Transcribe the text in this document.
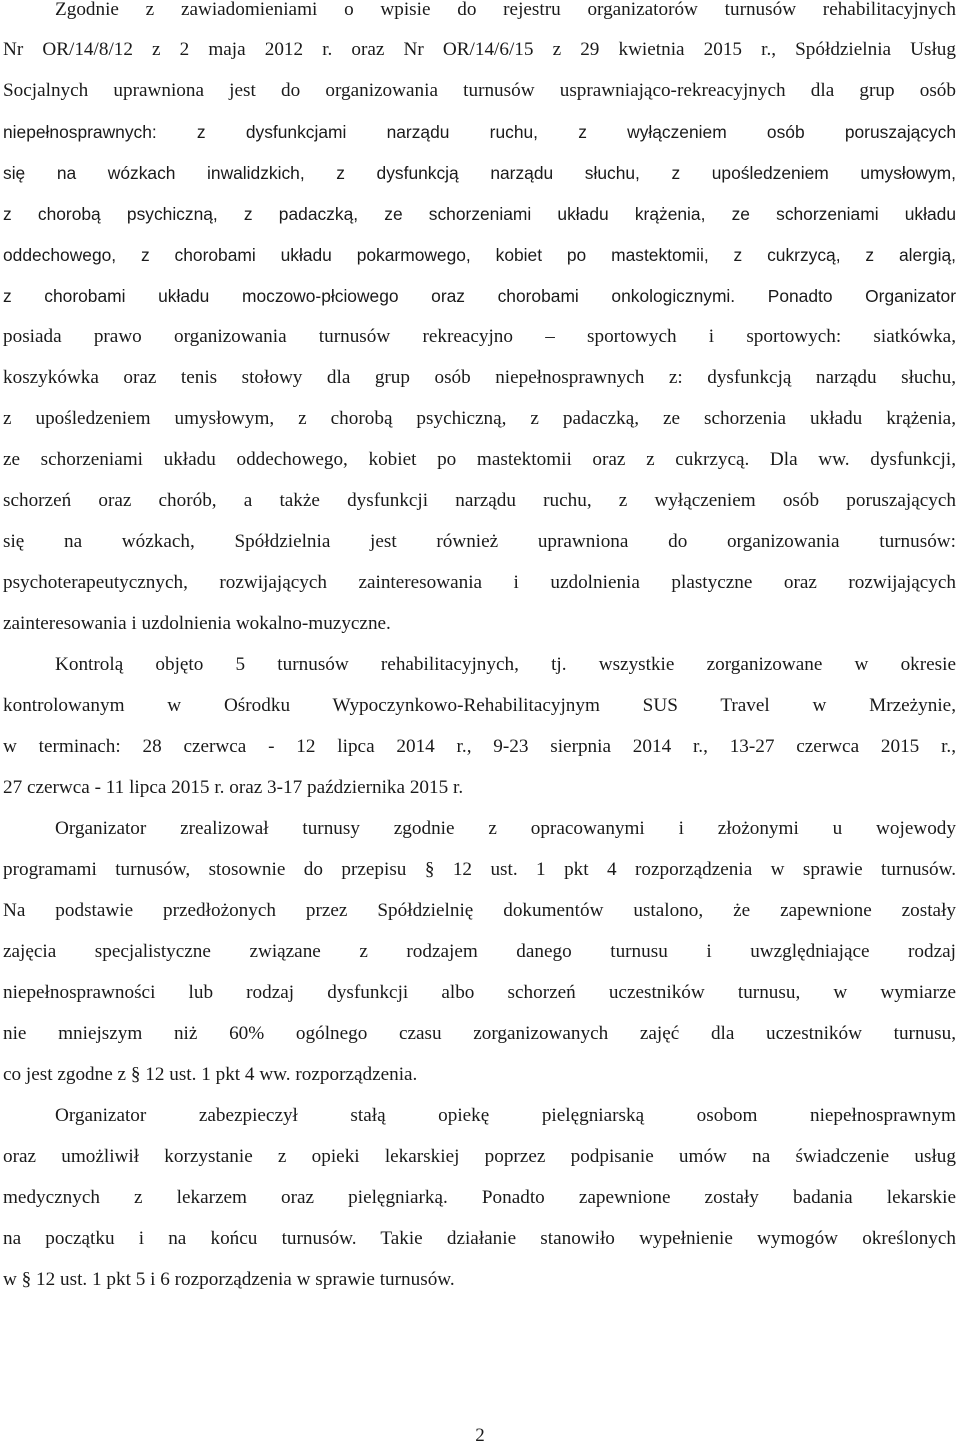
Zgodnie z zawiadomieniami o wpisie do rejestru organizatorów turnusów rehabilitacyjnych
Nr OR/14/8/12 z 2 maja 2012 r. oraz Nr OR/14/6/15 z 29 kwietnia 2015 r., Spółdzielnia Usług
Socjalnych uprawniona jest do organizowania turnusów usprawniająco-rekreacyjnych dla grup osób
niepełnosprawnych: z dysfunkcjami narządu ruchu, z wyłączeniem osób poruszających
się na wózkach inwalidzkich, z dysfunkcją narządu słuchu, z upośledzeniem umysłowym,
z chorobą psychiczną, z padaczką, ze schorzeniami układu krążenia, ze schorzeniami układu
oddechowego, z chorobami układu pokarmowego, kobiet po mastektomii, z cukrzycą, z alergią,
z chorobami układu moczowo-płciowego oraz chorobami onkologicznymi. Ponadto Organizator
posiada prawo organizowania turnusów rekreacyjno – sportowych i sportowych: siatkówka,
koszykówka oraz tenis stołowy dla grup osób niepełnosprawnych z: dysfunkcją narządu słuchu,
z upośledzeniem umysłowym, z chorobą psychiczną, z padaczką, ze schorzenia układu krążenia,
ze schorzeniami układu oddechowego, kobiet po mastektomii oraz z cukrzycą. Dla ww. dysfunkcji,
schorzeń oraz chorób, a także dysfunkcji narządu ruchu, z wyłączeniem osób poruszających
się na wózkach, Spółdzielnia jest również uprawniona do organizowania turnusów:
psychoterapeutycznych, rozwijających zainteresowania i uzdolnienia plastyczne oraz rozwijających
zainteresowania i uzdolnienia wokalno-muzyczne.
Kontrolą objęto 5 turnusów rehabilitacyjnych, tj. wszystkie zorganizowane w okresie
kontrolowanym w Ośrodku Wypoczynkowo-Rehabilitacyjnym SUS Travel w Mrzeżynie,
w terminach: 28 czerwca - 12 lipca 2014 r., 9-23 sierpnia 2014 r., 13-27 czerwca 2015 r.,
27 czerwca - 11 lipca 2015 r. oraz 3-17 października 2015 r.
Organizator zrealizował turnusy zgodnie z opracowanymi i złożonymi u wojewody
programami turnusów, stosownie do przepisu § 12 ust. 1 pkt 4 rozporządzenia w sprawie turnusów.
Na podstawie przedłożonych przez Spółdzielnię dokumentów ustalono, że zapewnione zostały
zajęcia specjalistyczne związane z rodzajem danego turnusu i uwzględniające rodzaj
niepełnosprawności lub rodzaj dysfunkcji albo schorzeń uczestników turnusu, w wymiarze
nie mniejszym niż 60% ogólnego czasu zorganizowanych zajęć dla uczestników turnusu,
co jest zgodne z § 12 ust. 1 pkt 4 ww. rozporządzenia.
Organizator zabezpieczył stałą opiekę pielęgniarską osobom niepełnosprawnym
oraz umożliwił korzystanie z opieki lekarskiej poprzez podpisanie umów na świadczenie usług
medycznych z lekarzem oraz pielęgniarką. Ponadto zapewnione zostały badania lekarskie
na początku i na końcu turnusów. Takie działanie stanowiło wypełnienie wymogów określonych
w § 12 ust. 1 pkt 5 i 6 rozporządzenia w sprawie turnusów.
2
